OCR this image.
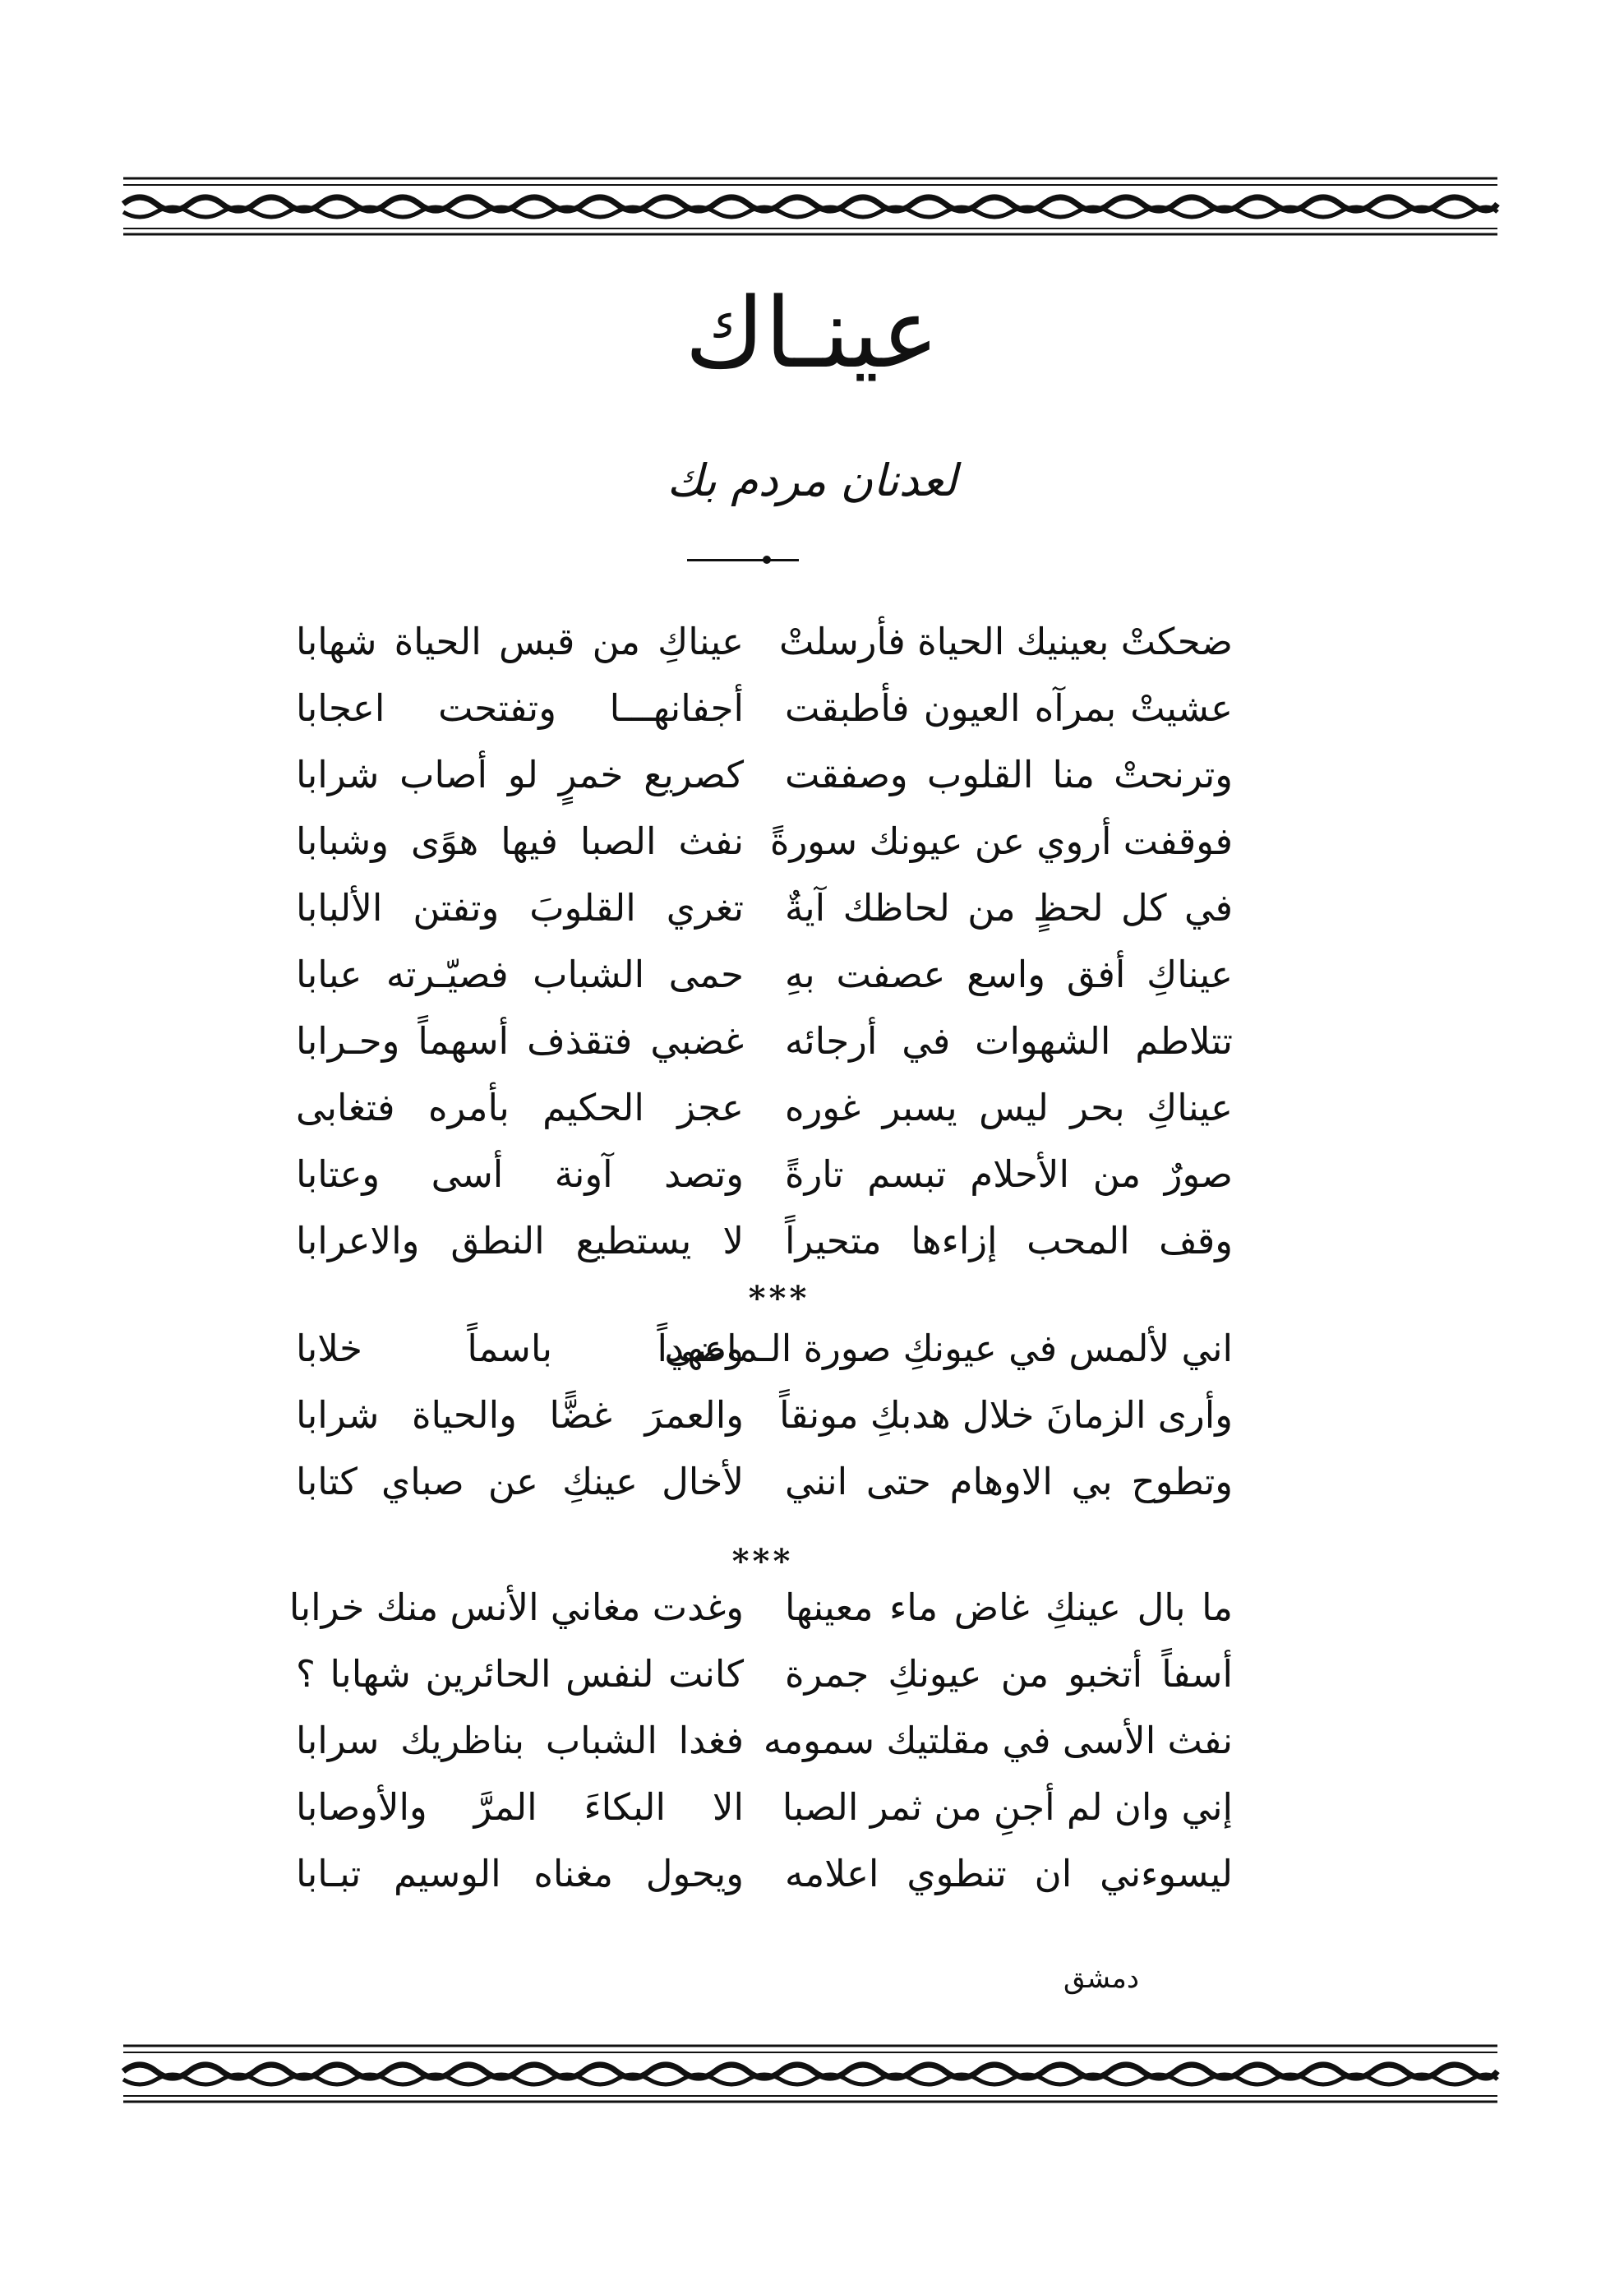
عينـاك
لعدنان مردم بك
ضحكتْ بعينيك الحياة فأرسلتْ
عيناكِ من قبس الحياة شهابا
عشيتْ بمرآه العيون فأطبقت
أجفانهـــا وتفتحت اعجابا
وترنحتْ منا القلوب وصفقت
كصريع خمرٍ لو أصاب شرابا
فوقفت أروي عن عيونك سورةً
نفث الصبا فيها هوًى وشبابا
في كل لحظٍ من لحاظك آيةٌ
تغري القلوبَ وتفتن الألبابا
عيناكِ أفق واسع عصفت بهِ
حمى الشباب فصيّـرته عبابا
تتلاطم الشهوات في أرجائه
غضبي فتقذف أسهماً وحـرابا
عيناكِ بحر ليس يسبر غوره
عجز الحكيم بأمره فتغابى
صورٌ من الأحلام تبسم تارةً
وتصد آونة أسى وعتابا
وقف المحب إزاءها متحيراً
لا يستطيع النطق والاعرابا
***
اني لألمس في عيونكِ صورة الـماضي
وعهداً باسماً خلابا
وأرى الزمانَ خلال هدبكِ مونقاً
والعمرَ غضًّا والحياة شرابا
وتطوح بي الاوهام حتى انني
لأخال عينكِ عن صباي كتابا
***
ما بال عينكِ غاض ماء معينها
وغدت مغاني الأنس منك خرابا
أسفاً أتخبو من عيونكِ جمرة
كانت لنفس الحائرين شهابا ؟
نفث الأسى في مقلتيك سمومه
فغدا الشباب بناظريك سرابا
إني وان لم أجنِ من ثمر الصبا
الا البكاءَ المرَّ والأوصابا
ليسوءني ان تنطوي اعلامه
ويحول مغناه الوسيم تبـابا
دمشق
